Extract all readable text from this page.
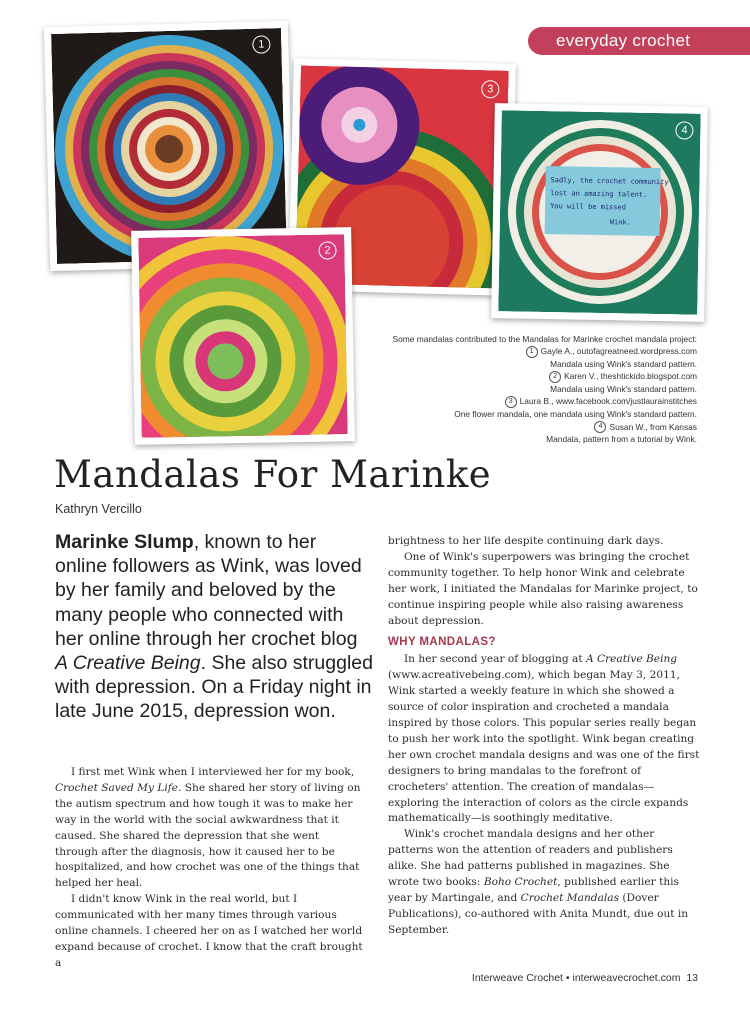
everyday crochet
1
3
Sadly, the crochet community
lost an amazing talent.
You will be missed
Wink.
4
2
Some mandalas contributed to the Mandalas for Marinke crochet mandala project:
1 Gayle A., outofagreatneed.wordpress.com
Mandala using Wink's standard pattern.
2 Karen V., theshtickido.blogspot.com
Mandala using Wink's standard pattern.
3 Laura B., www.facebook.com/justlaurainstitches
One flower mandala, one mandala using Wink's standard pattern.
4 Susan W., from Kansas
Mandala, pattern from a tutorial by Wink.
Mandalas For Marinke
Kathryn Vercillo
Marinke Slump, known to her online followers as Wink, was loved by her family and beloved by the many people who connected with her online through her crochet blog A Creative Being. She also struggled with depression. On a Friday night in late June 2015, depression won.

I first met Wink when I interviewed her for my book, Crochet Saved My Life. She shared her story of living on the autism spectrum and how tough it was to make her way in the world with the social awkwardness that it caused. She shared the depression that she went through after the diagnosis, how it caused her to be hospitalized, and how crochet was one of the things that helped her heal.

I didn't know Wink in the real world, but I communicated with her many times through various online channels. I cheered her on as I watched her world expand because of crochet. I know that the craft brought a

brightness to her life despite continuing dark days.

One of Wink's superpowers was bringing the crochet community together. To help honor Wink and celebrate her work, I initiated the Mandalas for Marinke project, to continue inspiring people while also raising awareness about depression.

WHY MANDALAS?

In her second year of blogging at A Creative Being (www.acreativebeing.com), which began May 3, 2011, Wink started a weekly feature in which she showed a source of color inspiration and crocheted a mandala inspired by those colors. This popular series really began to push her work into the spotlight. Wink began creating her own crochet mandala designs and was one of the first designers to bring mandalas to the forefront of crocheters' attention. The creation of mandalas—exploring the interaction of colors as the circle expands mathematically—is soothingly meditative.

Wink's crochet mandala designs and her other patterns won the attention of readers and publishers alike. She had patterns published in magazines. She wrote two books: Boho Crochet, published earlier this year by Martingale, and Crochet Mandalas (Dover Publications), co-authored with Anita Mundt, due out in September.

Interweave Crochet • interweavecrochet.com 13
